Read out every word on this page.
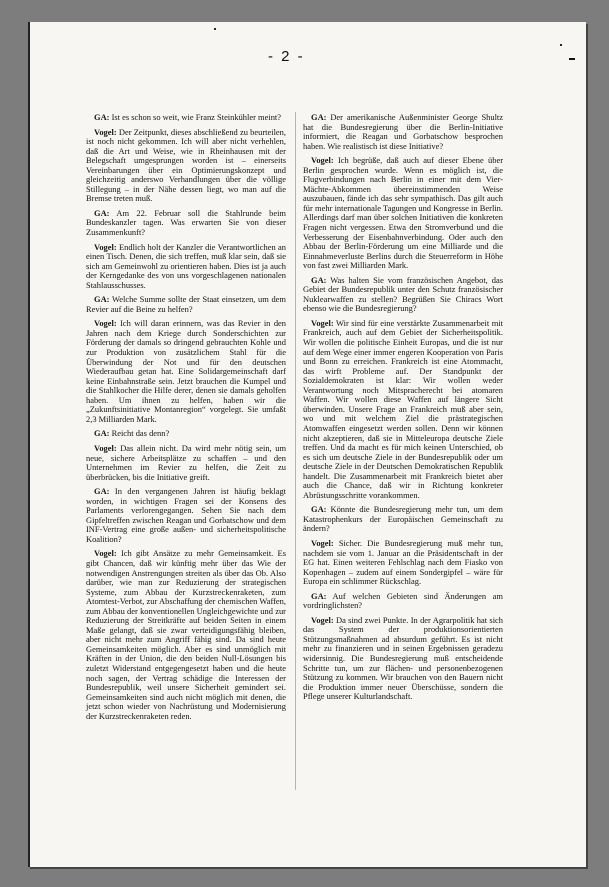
- 2 -

GA: Ist es schon so weit, wie Franz Steinkühler meint?

Vogel: Der Zeitpunkt, dieses abschließend zu beurteilen, ist noch nicht gekommen. Ich will aber nicht verhehlen, daß die Art und Weise, wie in Rheinhausen mit der Belegschaft umgesprungen worden ist – einerseits Vereinbarungen über ein Optimierungskonzept und gleichzeitig anderswo Verhandlungen über die völlige Stillegung – in der Nähe dessen liegt, wo man auf die Bremse treten muß.

GA: Am 22. Februar soll die Stahlrunde beim Bundeskanzler tagen. Was erwarten Sie von dieser Zusammenkunft?

Vogel: Endlich holt der Kanzler die Verantwortlichen an einen Tisch. Denen, die sich treffen, muß klar sein, daß sie sich am Gemeinwohl zu orientieren haben. Dies ist ja auch der Kerngedanke des von uns vorgeschlagenen nationalen Stahlausschusses.

GA: Welche Summe sollte der Staat einsetzen, um dem Revier auf die Beine zu helfen?

Vogel: Ich will daran erinnern, was das Revier in den Jahren nach dem Kriege durch Sonderschichten zur Förderung der damals so dringend gebrauchten Kohle und zur Produktion von zusätzlichem Stahl für die Überwindung der Not und für den deutschen Wiederaufbau getan hat. Eine Solidargemeinschaft darf keine Einbahnstraße sein. Jetzt brauchen die Kumpel und die Stahlkocher die Hilfe derer, denen sie damals geholfen haben. Um ihnen zu helfen, haben wir die „Zukunftsinitiative Montanregion“ vorgelegt. Sie umfaßt 2,3 Milliarden Mark.

GA: Reicht das denn?

Vogel: Das allein nicht. Da wird mehr nötig sein, um neue, sichere Arbeitsplätze zu schaffen – und den Unternehmen im Revier zu helfen, die Zeit zu überbrücken, bis die Initiative greift.

GA: In den vergangenen Jahren ist häufig beklagt worden, in wichtigen Fragen sei der Konsens des Parlaments verlorengegangen. Sehen Sie nach dem Gipfeltreffen zwischen Reagan und Gorbatschow und dem INF-Vertrag eine große außen- und sicherheitspolitische Koalition?

Vogel: Ich gibt Ansätze zu mehr Gemeinsamkeit. Es gibt Chancen, daß wir künftig mehr über das Wie der notwendigen Anstrengungen streiten als über das Ob. Also darüber, wie man zur Reduzierung der strategischen Systeme, zum Abbau der Kurzstreckenraketen, zum Atomtest-Verbot, zur Abschaffung der chemischen Waffen, zum Abbau der konventionellen Ungleichgewichte und zur Reduzierung der Streitkräfte auf beiden Seiten in einem Maße gelangt, daß sie zwar verteidigungsfähig bleiben, aber nicht mehr zum Angriff fähig sind. Da sind heute Gemeinsamkeiten möglich. Aber es sind unmöglich mit Kräften in der Union, die den beiden Null-Lösungen bis zuletzt Widerstand entgegengesetzt haben und die heute noch sagen, der Vertrag schädige die Interessen der Bundesrepublik, weil unsere Sicherheit gemindert sei. Gemeinsamkeiten sind auch nicht möglich mit denen, die jetzt schon wieder von Nachrüstung und Modernisierung der Kurzstreckenraketen reden.

GA: Der amerikanische Außenminister George Shultz hat die Bundesregierung über die Berlin-Initiative informiert, die Reagan und Gorbatschow besprochen haben. Wie realistisch ist diese Initiative?

Vogel: Ich begrüße, daß auch auf dieser Ebene über Berlin gesprochen wurde. Wenn es möglich ist, die Flugverbindungen nach Berlin in einer mit dem Vier-Mächte-Abkommen übereinstimmenden Weise auszubauen, fände ich das sehr sympathisch. Das gilt auch für mehr internationale Tagungen und Kongresse in Berlin. Allerdings darf man über solchen Initiativen die konkreten Fragen nicht vergessen. Etwa den Stromverbund und die Verbesserung der Eisenbahnverbindung. Oder auch den Abbau der Berlin-Förderung um eine Milliarde und die Einnahmeverluste Berlins durch die Steuerreform in Höhe von fast zwei Milliarden Mark.

GA: Was halten Sie vom französischen Angebot, das Gebiet der Bundesrepublik unter den Schutz französischer Nuklearwaffen zu stellen? Begrüßen Sie Chiracs Wort ebenso wie die Bundesregierung?

Vogel: Wir sind für eine verstärkte Zusammenarbeit mit Frankreich, auch auf dem Gebiet der Sicherheitspolitik. Wir wollen die politische Einheit Europas, und die ist nur auf dem Wege einer immer engeren Kooperation von Paris und Bonn zu erreichen. Frankreich ist eine Atommacht, das wirft Probleme auf. Der Standpunkt der Sozialdemokraten ist klar: Wir wollen weder Verantwortung noch Mitspracherecht bei atomaren Waffen. Wir wollen diese Waffen auf längere Sicht überwinden. Unsere Frage an Frankreich muß aber sein, wo und mit welchem Ziel die prästrategischen Atomwaffen eingesetzt werden sollen. Denn wir können nicht akzeptieren, daß sie in Mitteleuropa deutsche Ziele treffen. Und da macht es für mich keinen Unterschied, ob es sich um deutsche Ziele in der Bundesrepublik oder um deutsche Ziele in der Deutschen Demokratischen Republik handelt. Die Zusammenarbeit mit Frankreich bietet aber auch die Chance, daß wir in Richtung konkreter Abrüstungsschritte vorankommen.

GA: Könnte die Bundesregierung mehr tun, um dem Katastrophenkurs der Europäischen Gemeinschaft zu ändern?

Vogel: Sicher. Die Bundesregierung muß mehr tun, nachdem sie vom 1. Januar an die Präsidentschaft in der EG hat. Einen weiteren Fehlschlag nach dem Fiasko von Kopenhagen – zudem auf einem Sondergipfel – wäre für Europa ein schlimmer Rückschlag.

GA: Auf welchen Gebieten sind Änderungen am vordringlichsten?

Vogel: Da sind zwei Punkte. In der Agrarpolitik hat sich das System der produktionsorientierten Stützungsmaßnahmen ad absurdum geführt. Es ist nicht mehr zu finanzieren und in seinen Ergebnissen geradezu widersinnig. Die Bundesregierung muß entscheidende Schritte tun, um zur flächen- und personenbezogenen Stützung zu kommen. Wir brauchen von den Bauern nicht die Produktion immer neuer Überschüsse, sondern die Pflege unserer Kulturlandschaft.
